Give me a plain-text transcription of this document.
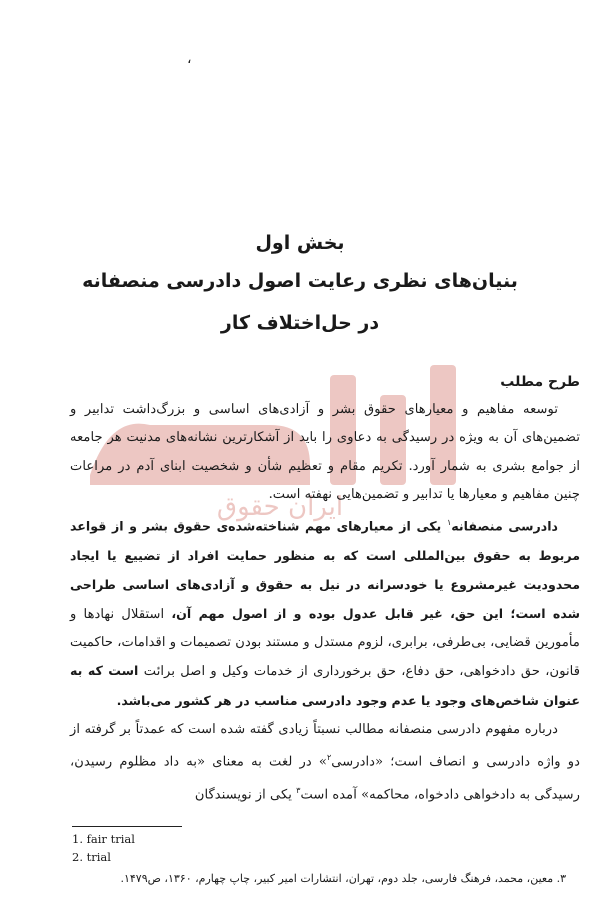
،
ایران حقوق
بخش اول
بنیان‌های نظری رعایت اصول دادرسی منصفانه
در حل‌اختلاف کار

طرح مطلب

توسعه مفاهیم و معیارهای حقوق بشر و آزادی‌های اساسی و بزرگ‌داشت تدابیر و تضمین‌های آن به ویژه در رسیدگی به دعاوی را باید از آشکارترین نشانه‌های مدنیت هر جامعه از جوامع بشری به شمار آورد. تکریم مقام و تعظیم شأن و شخصیت ابنای آدم در مراعات چنین مفاهیم و معیارها یا تدابیر و تضمین‌هایی نهفته است.

دادرسی منصفانه$^۱$ یکی از معیارهای مهم شناخته‌شده‌ی حقوق بشر و از قواعد مربوط به حقوق بین‌المللی است که به منظور حمایت افراد از تضییع یا ایجاد محدودیت غیرمشروع یا خودسرانه در نیل به حقوق و آزادی‌های اساسی طراحی شده است؛ این حق، غیر قابل عدول بوده و از اصول مهم آن، استقلال نهادها و مأمورین قضایی، بی‌طرفی، برابری، لزوم مستدل و مستند بودن تصمیمات و اقدامات، حاکمیت قانون، حق دادخواهی، حق دفاع، حق برخورداری از خدمات وکیل و اصل برائت است که به عنوان شاخص‌های وجود یا عدم وجود دادرسی مناسب در هر کشور می‌باشد.

درباره مفهوم دادرسی منصفانه مطالب نسبتاً زیادی گفته شده است که عمدتاً بر گرفته از دو واژه دادرسی و انصاف است؛ «دادرسی$^۲$» در لغت به معنای «به داد مظلوم رسیدن، رسیدگی به دادخواهی دادخواه، محاکمه» آمده است$^۳$ یکی از نویسندگان

1. fair trial
2. trial
۳. معین، محمد، فرهنگ فارسی، جلد دوم، تهران، انتشارات امیر کبیر، چاپ چهارم، ۱۳۶۰، ص۱۴۷۹.
